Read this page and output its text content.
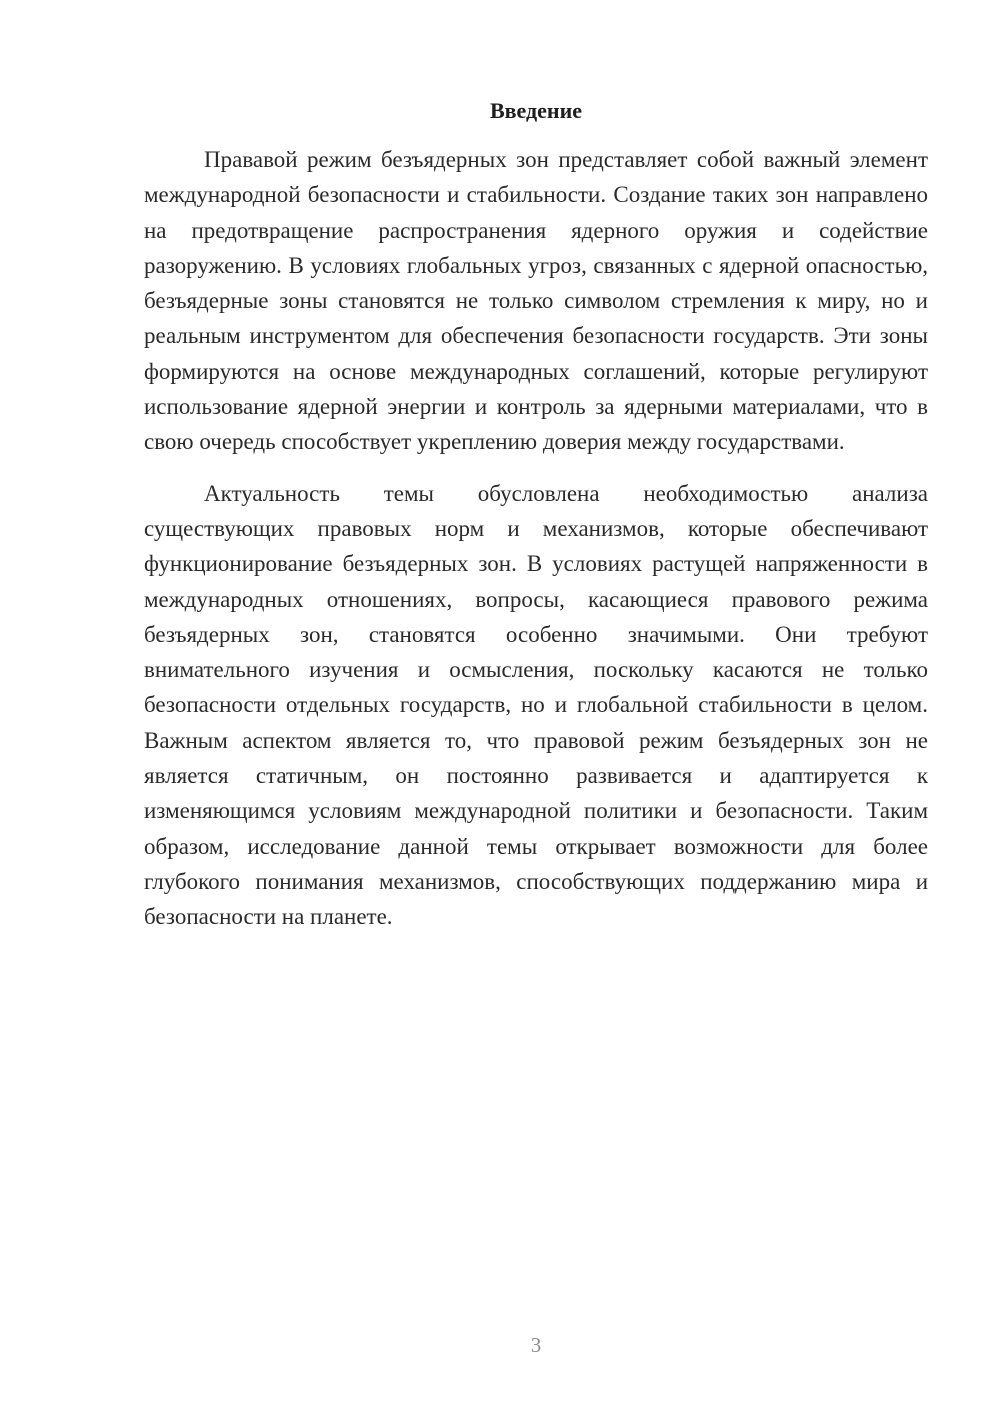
Введение

Прававой режим безъядерных зон представляет собой важный элемент международной безопасности и стабильности. Создание таких зон направлено на предотвращение распространения ядерного оружия и содействие разоружению. В условиях глобальных угроз, связанных с ядерной опасностью, безъядерные зоны становятся не только символом стремления к миру, но и реальным инструментом для обеспечения безопасности государств. Эти зоны формируются на основе международных соглашений, которые регулируют использование ядерной энергии и контроль за ядерными материалами, что в свою очередь способствует укреплению доверия между государствами.

Актуальность темы обусловлена необходимостью анализа существующих правовых норм и механизмов, которые обеспечивают функционирование безъядерных зон. В условиях растущей напряженности в международных отношениях, вопросы, касающиеся правового режима безъядерных зон, становятся особенно значимыми. Они требуют внимательного изучения и осмысления, поскольку касаются не только безопасности отдельных государств, но и глобальной стабильности в целом. Важным аспектом является то, что правовой режим безъядерных зон не является статичным, он постоянно развивается и адаптируется к изменяющимся условиям международной политики и безопасности. Таким образом, исследование данной темы открывает возможности для более глубокого понимания механизмов, способствующих поддержанию мира и безопасности на планете.

3
